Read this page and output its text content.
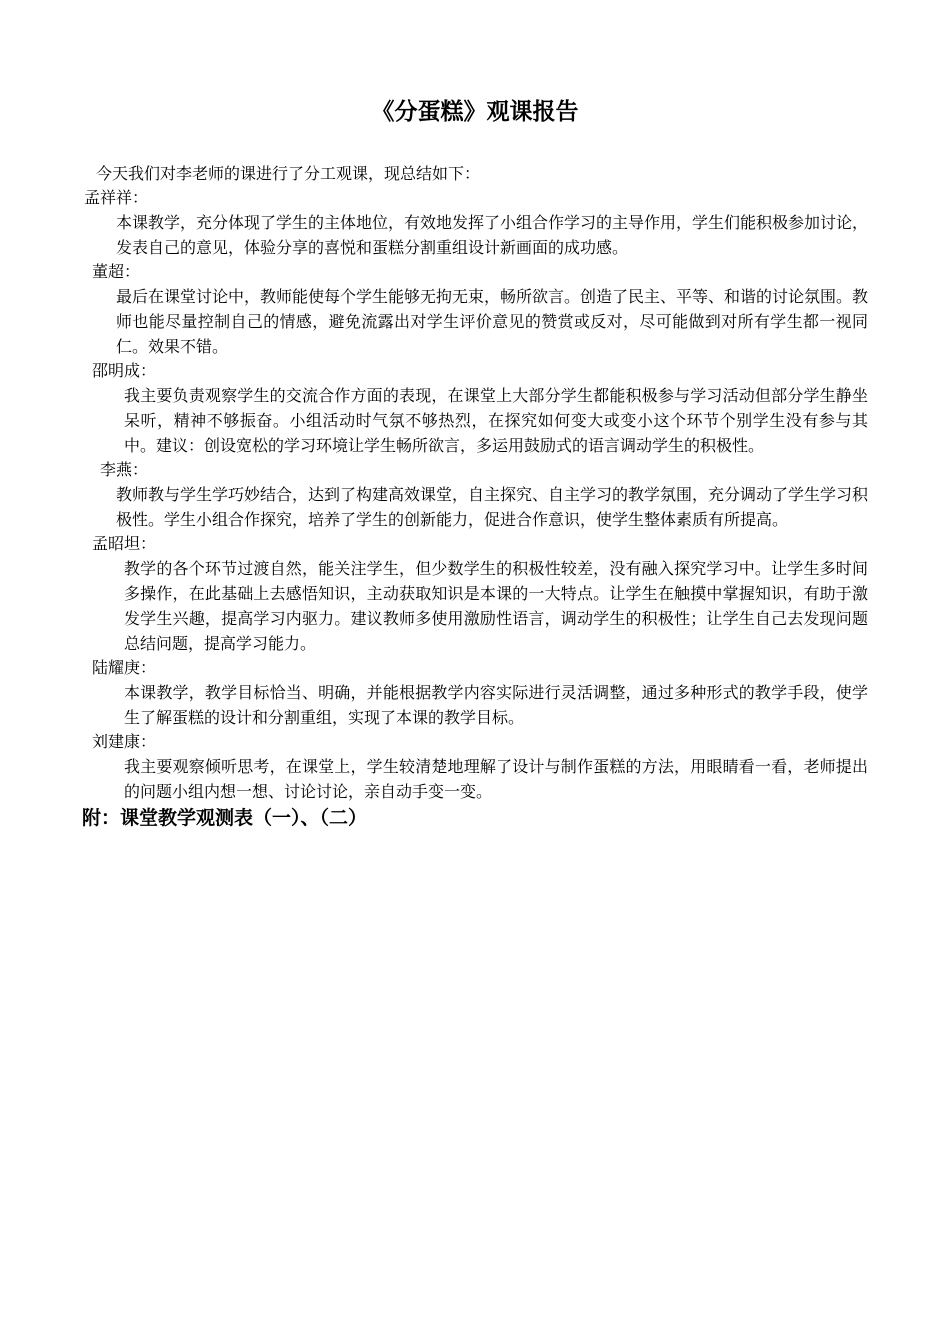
《分蛋糕》观课报告
今天我们对李老师的课进行了分工观课，现总结如下：
孟祥祥：

本课教学，充分体现了学生的主体地位，有效地发挥了小组合作学习的主导作用，学生们能积极参加讨论，发表自己的意见，体验分享的喜悦和蛋糕分割重组设计新画面的成功感。

董超：

最后在课堂讨论中，教师能使每个学生能够无拘无束，畅所欲言。创造了民主、平等、和谐的讨论氛围。教师也能尽量控制自己的情感，避免流露出对学生评价意见的赞赏或反对，尽可能做到对所有学生都一视同仁。效果不错。

邵明成：

我主要负责观察学生的交流合作方面的表现，在课堂上大部分学生都能积极参与学习活动但部分学生静坐呆听，精神不够振奋。小组活动时气氛不够热烈，在探究如何变大或变小这个环节个别学生没有参与其中。建议：创设宽松的学习环境让学生畅所欲言，多运用鼓励式的语言调动学生的积极性。

李燕：

教师教与学生学巧妙结合，达到了构建高效课堂，自主探究、自主学习的教学氛围，充分调动了学生学习积极性。学生小组合作探究，培养了学生的创新能力，促进合作意识，使学生整体素质有所提高。

孟昭坦：

教学的各个环节过渡自然，能关注学生，但少数学生的积极性较差，没有融入探究学习中。让学生多时间多操作，在此基础上去感悟知识，主动获取知识是本课的一大特点。让学生在触摸中掌握知识，有助于激发学生兴趣，提高学习内驱力。建议教师多使用激励性语言，调动学生的积极性；让学生自己去发现问题总结问题，提高学习能力。

陆耀庚：

本课教学，教学目标恰当、明确，并能根据教学内容实际进行灵活调整，通过多种形式的教学手段，使学生了解蛋糕的设计和分割重组，实现了本课的教学目标。

刘建康：

我主要观察倾听思考，在课堂上，学生较清楚地理解了设计与制作蛋糕的方法，用眼睛看一看，老师提出的问题小组内想一想、讨论讨论，亲自动手变一变。

附：课堂教学观测表（一）、（二）
